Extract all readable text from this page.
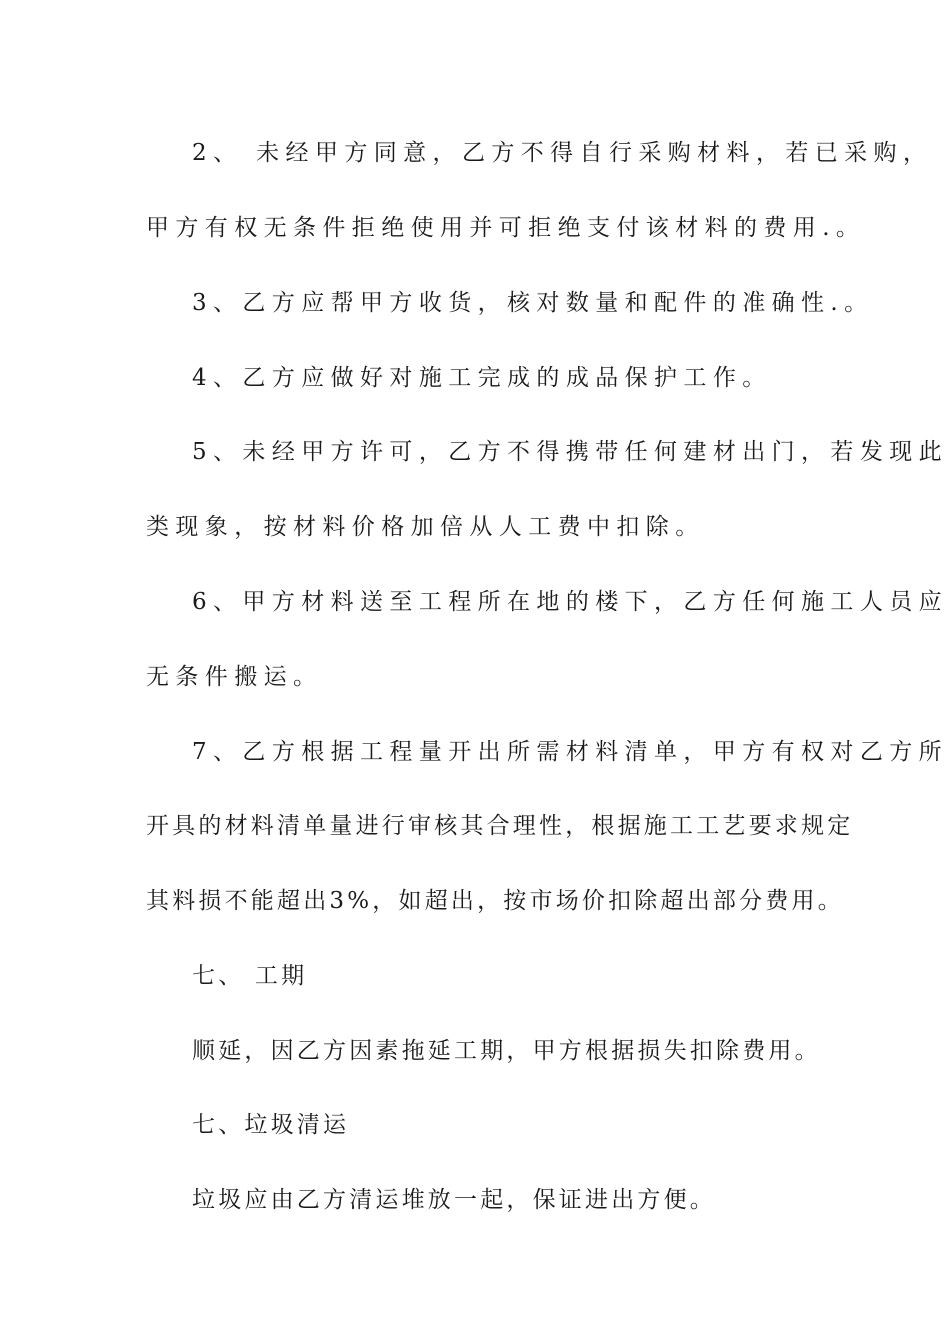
2、 未经甲方同意，乙方不得自行采购材料，若已采购，
甲方有权无条件拒绝使用并可拒绝支付该材料的费用.。
3、乙方应帮甲方收货，核对数量和配件的准确性.。
4、乙方应做好对施工完成的成品保护工作。
5、未经甲方许可，乙方不得携带任何建材出门，若发现此
类现象，按材料价格加倍从人工费中扣除。
6、甲方材料送至工程所在地的楼下，乙方任何施工人员应
无条件搬运。
7、乙方根据工程量开出所需材料清单，甲方有权对乙方所
开具的材料清单量进行审核其合理性，根据施工工艺要求规定
其料损不能超出3%，如超出，按市场价扣除超出部分费用。
七、 工期
顺延，因乙方因素拖延工期，甲方根据损失扣除费用。
七、垃圾清运
垃圾应由乙方清运堆放一起，保证进出方便。
